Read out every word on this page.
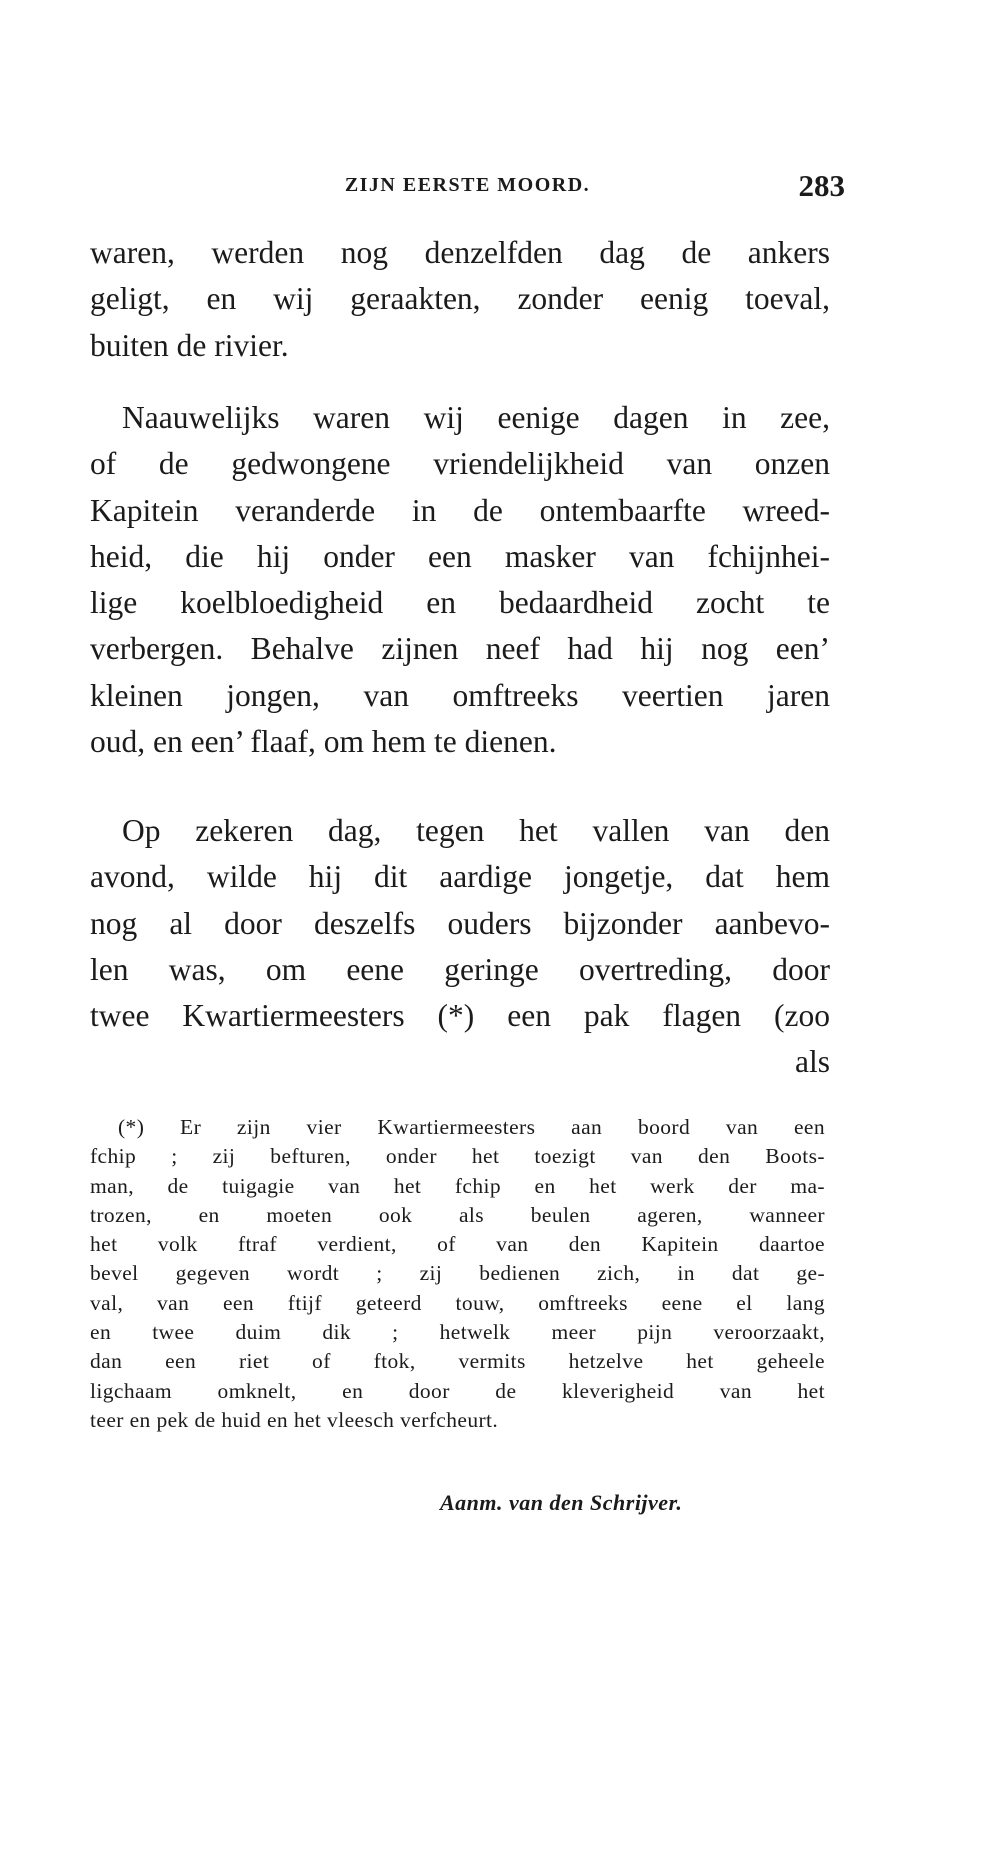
ZIJN EERSTE MOORD.	283
waren, werden nog denzelfden dag de ankers
geligt, en wij geraakten, zonder eenig toeval,
buiten de rivier.
Naauwelijks waren wij eenige dagen in zee,
of de gedwongene vriendelijkheid van onzen
Kapitein veranderde in de ontembaarfte wreed-
heid, die hij onder een masker van fchijnhei-
lige koelbloedigheid en bedaardheid zocht te
verbergen. Behalve zijnen neef had hij nog een’
kleinen jongen, van omftreeks veertien jaren
oud, en een’ flaaf, om hem te dienen.
Op zekeren dag, tegen het vallen van den
avond, wilde hij dit aardige jongetje, dat hem
nog al door deszelfs ouders bijzonder aanbevo-
len was, om eene geringe overtreding, door
twee Kwartiermeesters (*) een pak flagen (zoo
als
(*) Er zijn vier Kwartiermeesters aan boord van een
fchip ; zij befturen, onder het toezigt van den Boots-
man, de tuigagie van het fchip en het werk der ma-
trozen, en moeten ook als beulen ageren, wanneer
het volk ftraf verdient, of van den Kapitein daartoe
bevel gegeven wordt ; zij bedienen zich, in dat ge-
val, van een ftijf geteerd touw, omftreeks eene el lang
en twee duim dik ; hetwelk meer pijn veroorzaakt,
dan een riet of ftok, vermits hetzelve het geheele
ligchaam omknelt, en door de kleverigheid van het
teer en pek de huid en het vleesch verfcheurt.
Aanm. van den Schrijver.
